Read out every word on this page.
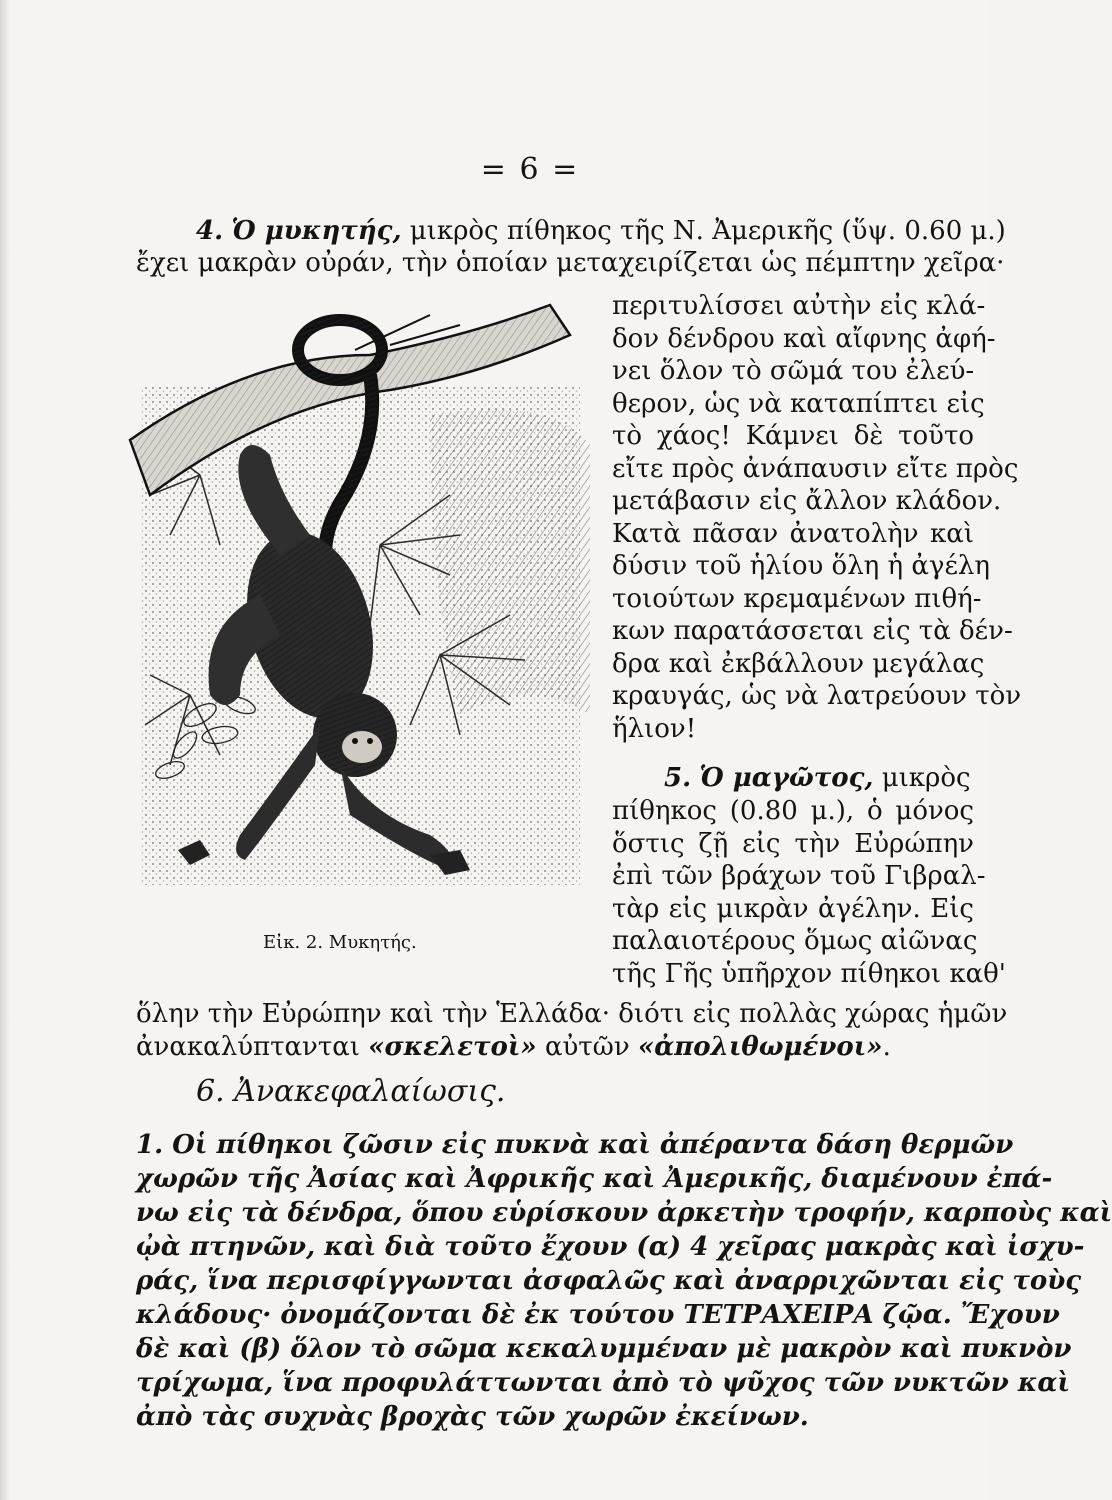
= 6 =
4. Ὁ μυκητής, μικρὸς πίθηκος τῆς Ν. Ἀμερικῆς (ὕψ. 0.60 μ.)
ἔχει μακρὰν οὐράν, τὴν ὁποίαν μεταχειρίζεται ὡς πέμπτην χεῖρα·
περιτυλίσσει αὐτὴν εἰς κλά-
δον δένδρου καὶ αἴφνης ἀφή-
νει ὅλον τὸ σῶμά του ἐλεύ-
θερον, ὡς νὰ καταπίπτει εἰς
τὸ χάος! Κάμνει δὲ τοῦτο
εἴτε πρὸς ἀνάπαυσιν εἴτε πρὸς
μετάβασιν εἰς ἄλλον κλάδον.
Κατὰ πᾶσαν ἀνατολὴν καὶ
δύσιν τοῦ ἡλίου ὅλη ἡ ἀγέλη
τοιούτων κρεμαμένων πιθή-
κων παρατάσσεται εἰς τὰ δέν-
δρα καὶ ἐκβάλλουν μεγάλας
κραυγάς, ὡς νὰ λατρεύουν τὸν
ἥλιον!
5. Ὁ μαγῶτος, μικρὸς
πίθηκος (0.80 μ.), ὁ μόνος
ὅστις ζῇ εἰς τὴν Εὐρώπην
ἐπὶ τῶν βράχων τοῦ Γιβραλ-
τὰρ εἰς μικρὰν ἀγέλην. Εἰς
παλαιοτέρους ὅμως αἰῶνας
τῆς Γῆς ὑπῆρχον πίθηκοι καθ'
ὅλην τὴν Εὐρώπην καὶ τὴν Ἑλλάδα· διότι εἰς πολλὰς χώρας ἡμῶν
ἀνακαλύπτανται «σκελετοὶ» αὐτῶν «ἀπολιθωμένοι».
Εἰκ. 2. Μυκητής.
6. Ἀνακεφαλαίωσις.
1. Οἱ πίθηκοι ζῶσιν εἰς πυκνὰ καὶ ἀπέραντα δάση θερμῶν
χωρῶν τῆς Ἀσίας καὶ Ἀφρικῆς καὶ Ἀμερικῆς, διαμένουν ἐπά-
νω εἰς τὰ δένδρα, ὅπου εὑρίσκουν ἀρκετὴν τροφήν, καρποὺς καὶ
ᾠὰ πτηνῶν, καὶ διὰ τοῦτο ἔχουν (α) 4 χεῖρας μακρὰς καὶ ἰσχυ-
ράς, ἵνα περισφίγγωνται ἀσφαλῶς καὶ ἀναρριχῶνται εἰς τοὺς
κλάδους· ὀνομάζονται δὲ ἐκ τούτου ΤΕΤΡΑΧΕΙΡΑ ζῷα. Ἔχουν
δὲ καὶ (β) ὅλον τὸ σῶμα κεκαλυμμέναν μὲ μακρὸν καὶ πυκνὸν
τρίχωμα, ἵνα προφυλάττωνται ἀπὸ τὸ ψῦχος τῶν νυκτῶν καὶ
ἀπὸ τὰς συχνὰς βροχὰς τῶν χωρῶν ἐκείνων.
